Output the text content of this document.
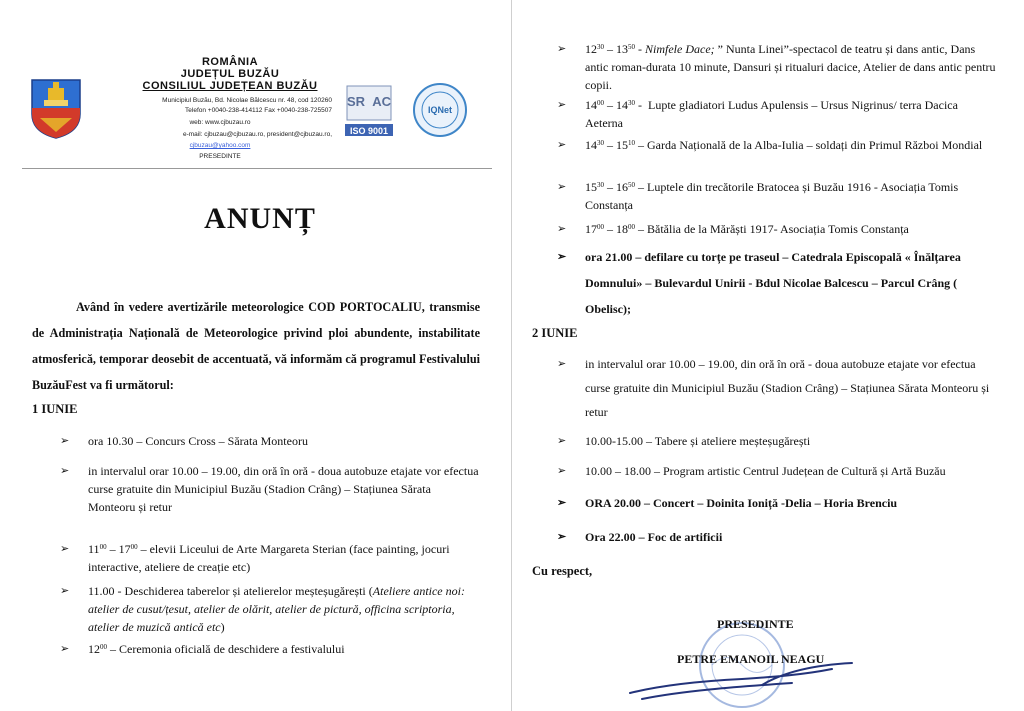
ROMÂNIA
JUDEȚUL BUZĂU
CONSILIUL JUDEȚEAN BUZĂU
Municipiul Buzău, Bd. Nicolae Bălcescu nr. 48, cod 120260
Telefon +0040-238-414112 Fax +0040-238-725507
web: www.cjbuzau.ro
e-mail: cjbuzau@cjbuzau.ro, president@cjbuzau.ro,
cjbuzau@yahoo.com
PRESEDINTE
SR  AC
ISO 9001
IQNet
ANUNȚ
Având în vedere avertizările meteorologice COD PORTOCALIU, transmise de Administrația Națională de Meteorologice privind ploi abundente, instabilitate atmosferică, temporar deosebit de accentuată, vă informăm că programul Festivalului BuzăuFest va fi următorul:
1 IUNIE
➢	ora 10.30 – Concurs Cross – Sărata Monteoru
➢	in intervalul orar 10.00 – 19.00, din oră în oră - doua autobuze etajate vor efectua curse gratuite din Municipiul Buzău (Stadion Crâng) – Stațiunea Sărata Monteoru și retur
➢	$11^{00} - 17^{00}$ – elevii Liceului de Arte Margareta Sterian (face painting, jocuri interactive, ateliere de creație etc)
➢	11.00 - Deschiderea taberelor și atelierelor meșteșugărești (Ateliere antice noi: atelier de cusut/țesut, atelier de olărit, atelier de pictură, officina scriptoria, atelier de muzică antică etc)
➢	$12^{00}$ – Ceremonia oficială de deschidere a festivalului
➢	$12^{30} - 13^{50}$ - Nimfele Dace; ” Nunta Linei”-spectacol de teatru și dans antic, Dans antic roman-durata 10 minute, Dansuri și ritualuri dacice, Atelier de dans antic pentru copii.
➢	$14^{00} - 14^{30}$ -  Lupte gladiatori Ludus Apulensis – Ursus Nigrinus/ terra Dacica Aeterna
➢	$14^{30} - 15^{10}$ – Garda Națională de la Alba-Iulia – soldați din Primul Război Mondial
➢	$15^{30} - 16^{50}$ – Luptele din trecătorile Bratocea și Buzău 1916 - Asociația Tomis Constanța
➢	$17^{00} - 18^{00}$ – Bătălia de la Mărăști 1917- Asociația Tomis Constanța
➢	ora 21.00 – defilare cu torțe pe traseul – Catedrala Episcopală « Înălțarea Domnului» – Bulevardul Unirii - Bdul Nicolae Balcescu – Parcul Crâng ( Obelisc);
2 IUNIE
➢	in intervalul orar 10.00 – 19.00, din oră în oră - doua autobuze etajate vor efectua curse gratuite din Municipiul Buzău (Stadion Crâng) – Stațiunea Sărata Monteoru și retur
➢	10.00-15.00 – Tabere și ateliere meșteșugărești
➢	10.00 – 18.00 – Program artistic Centrul Județean de Cultură și Artă Buzău
➢	ORA 20.00 – Concert – Doinita Ioniță -Delia – Horia Brenciu
➢	Ora 22.00 – Foc de artificii
Cu respect,
PRESEDINTE
PETRE EMANOIL NEAGU
